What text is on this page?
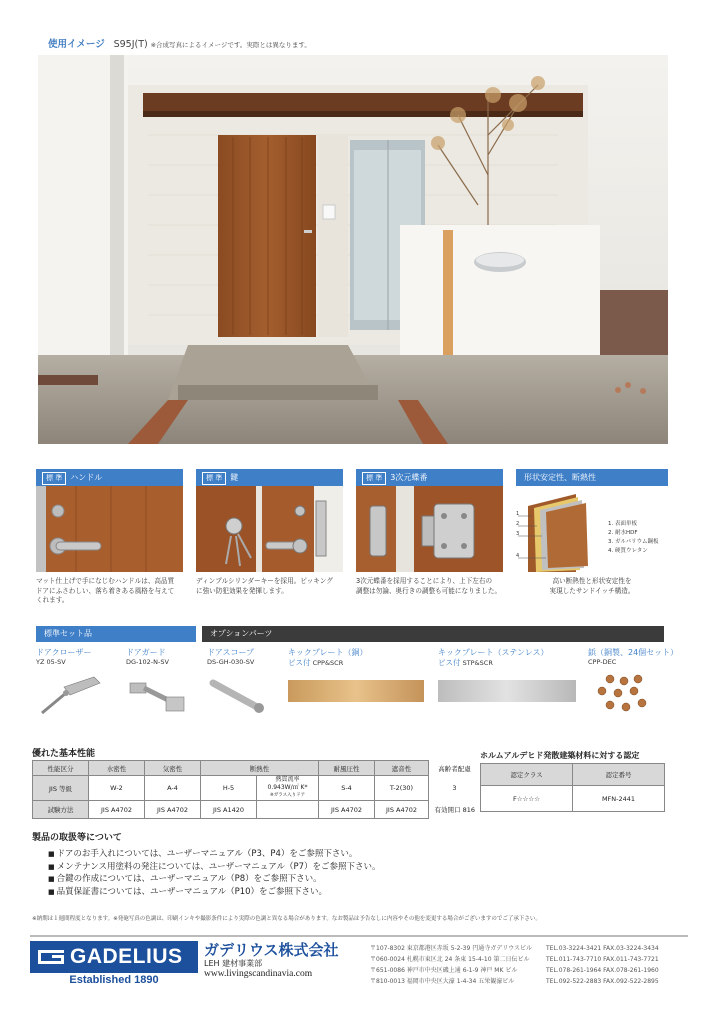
使用イメージ S95J(T) ※合成写真によるイメージです。実際とは異なります。
標 準 ハンドル
マット仕上げで手になじむハンドルは、高品質
ドアにふさわしい、落ち着きある風格を与えて
くれます。
標 準 鍵
ディンプルシリンダーキーを採用。ピッキング
に強い防犯効果を発揮します。
標 準 3次元蝶番
3次元蝶番を採用することにより、上下左右の
調整は勿論、奥行きの調整も可能になりました。
形状安定性、断熱性
1
2
3
4
1. 表面単板
2. 耐水HDF
3. ガルバリウム鋼板
4. 硬質ウレタン
高い断熱性と形状安定性を
実現したサンドイッチ構造。
標準セット品	オプションパーツ
ドアクローザー
YZ 05-SV
ドアガード
DG-102-N-SV
ドアスコープ
DS-GH-030-SV
キックプレート（銅）
ビス付 CPP&SCR
キックプレート（ステンレス）
ビス付 STP&SCR
鋲（銅製、24個セット）
CPP-DEC
優れた基本性能
性能区分	水密性	気密性	断熱性		耐風圧性	遮音性	高齢者配慮
JIS 等級	W-2	A-4	H-5	熱貫流率
0.943W/㎡ K*
※ガラス入りドア	S-4	T-2(30)	3
試験方法	JIS A4702	JIS A4702	JIS A1420		JIS A4702	JIS A4702	有効開口 816
ホルムアルデヒド発散建築材料に対する認定
認定クラス	認定番号
F☆☆☆☆	MFN-2441
製品の取扱等について
■ ドアのお手入れについては、ユーザーマニュアル（P3、P4）をご参照下さい。
■ メンテナンス用塗料の発注については、ユーザーマニュアル（P7）をご参照下さい。
■ 合鍵の作成については、ユーザーマニュアル（P8）をご参照下さい。
■ 品質保証書については、ユーザーマニュアル（P10）をご参照下さい。
※納期は１週間程度となります。※発砲写真の色調は、印刷インキや撮影条件により実際の色調と異なる場合があります。なお製品は予告なしに内容やその他を変更する場合がございますのでご了承下さい。
GADELIUS
Established 1890
ガデリウス株式会社
LEH 建材事業部
www.livingscandinavia.com
〒107-8302 東京都港区赤坂 5-2-39 円通寺ガデリウスビル
〒060-0024 札幌市東区北 24 条東 15-4-10 第二日伝ビル
〒651-0086 神戸市中央区磯上通 6-1-9 神戸 MK ビル
〒810-0013 福岡市中央区大濠 1-4-34 五栄観濠ビル
TEL.03-3224-3421 FAX.03-3224-3434
TEL.011-743-7710 FAX.011-743-7721
TEL.078-261-1964 FAX.078-261-1960
TEL.092-522-2883 FAX.092-522-2895
